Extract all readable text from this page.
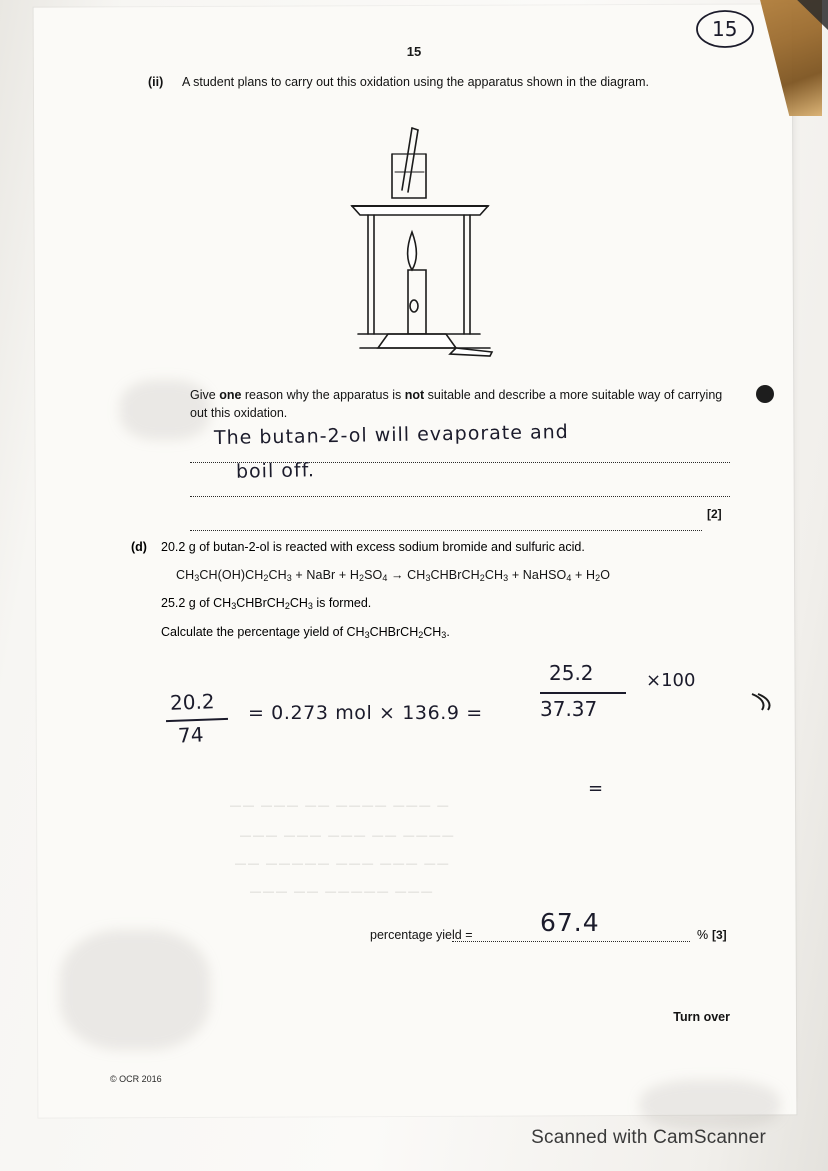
—— ——— —— ———— ——— —
——— ——— ——— —— ————
—— ————— ——— ——— ——
——— —— ————— ———
15
15
(ii) A student plans to carry out this oxidation using the apparatus shown in the diagram.
Give one reason why the apparatus is not suitable and describe a more suitable way of carrying out this oxidation.
[2]
The butan-2-ol will evaporate and
boil off.
(d) 20.2 g of butan-2-ol is reacted with excess sodium bromide and sulfuric acid.
$CH_3CH(OH)CH_2CH_3$ + NaBr + $H_2SO_4$ → $CH_3CHBrCH_2CH_3$ + NaHSO$_4$ + $H_2O$
25.2 g of $CH_3CHBrCH_2CH_3$ is formed.
Calculate the percentage yield of $CH_3CHBrCH_2CH_3$.
20.2
74
= 0.273 mol × 136.9 =
25.2
37.37
×100
=
percentage yield =	67.4	% [3]
Turn over
© OCR 2016
Scanned with CamScanner
